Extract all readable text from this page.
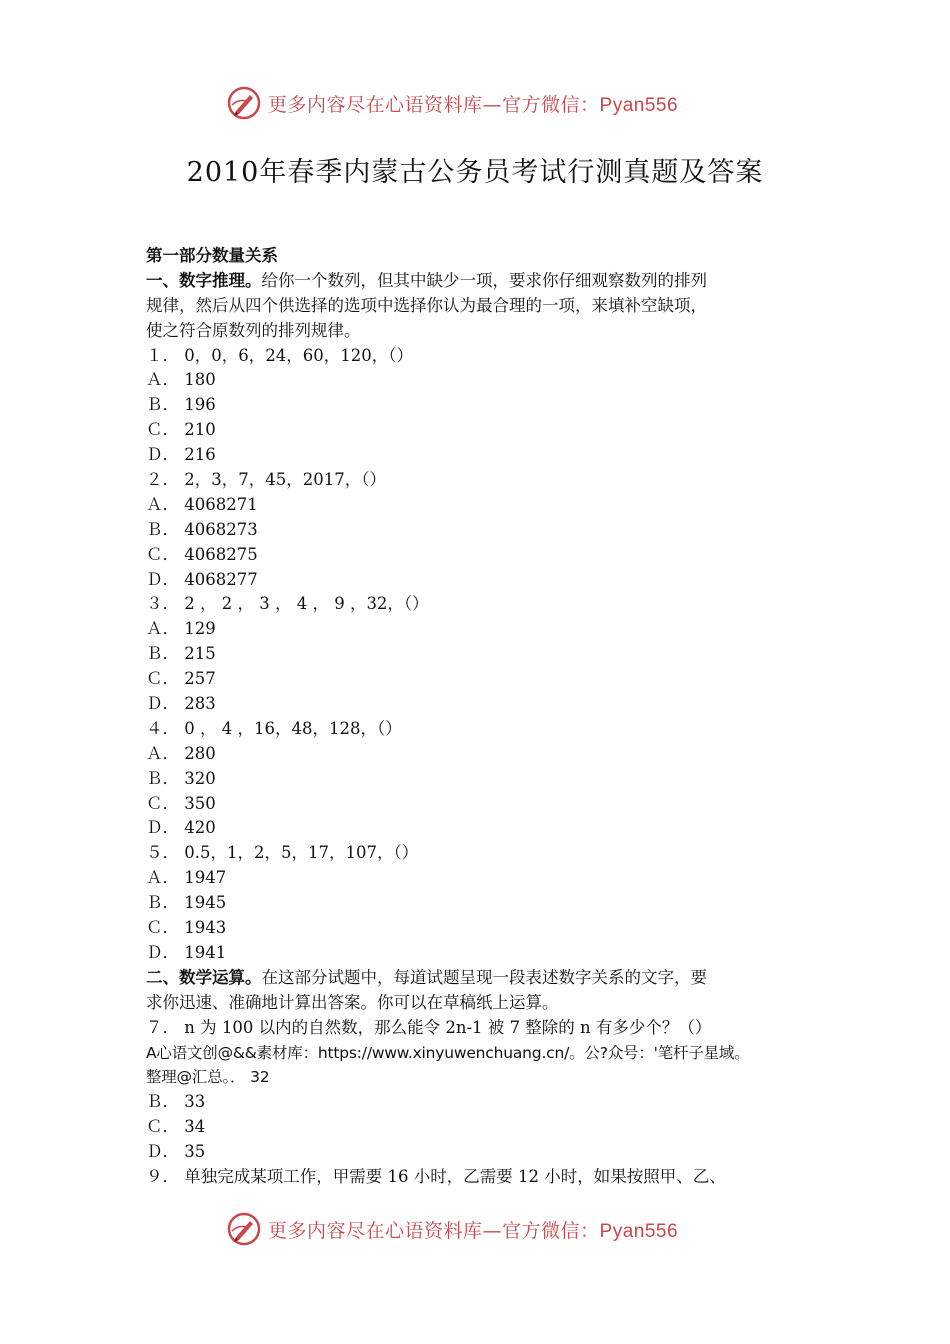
更多内容尽在心语资料库—官方微信：Pyan556
2010年春季内蒙古公务员考试行测真题及答案
第一部分数量关系
一、数字推理。给你一个数列，但其中缺少一项，要求你仔细观察数列的排列
规律，然后从四个供选择的选项中选择你认为最合理的一项，来填补空缺项，
使之符合原数列的排列规律。
１． 0，0，6，24，60，120，（）
Ａ． 180
Ｂ． 196
Ｃ． 210
Ｄ． 216
２． 2，3，7，45，2017，（）
Ａ． 4068271
Ｂ． 4068273
Ｃ． 4068275
Ｄ． 4068277
３． 2 ， 2 ， 3 ， 4 ， 9 ，32，（）
Ａ． 129
Ｂ． 215
Ｃ． 257
Ｄ． 283
４． 0 ， 4 ，16，48，128，（）
Ａ． 280
Ｂ． 320
Ｃ． 350
Ｄ． 420
５． 0.5，1，2，5，17，107，（）
Ａ． 1947
Ｂ． 1945
Ｃ． 1943
Ｄ． 1941
二、数学运算。在这部分试题中，每道试题呈现一段表述数字关系的文字，要
求你迅速、准确地计算出答案。你可以在草稿纸上运算。
７． n 为 100 以内的自然数，那么能令 2n-1 被 7 整除的 n 有多少个？（）
A心语文创@&&素材库：https://www.xinyuwenchuang.cn/。公?众号：'笔杆子星域。
整理@汇总。． 32
Ｂ． 33
Ｃ． 34
Ｄ． 35
９． 单独完成某项工作，甲需要 16 小时，乙需要 12 小时，如果按照甲、乙、
更多内容尽在心语资料库—官方微信：Pyan556
